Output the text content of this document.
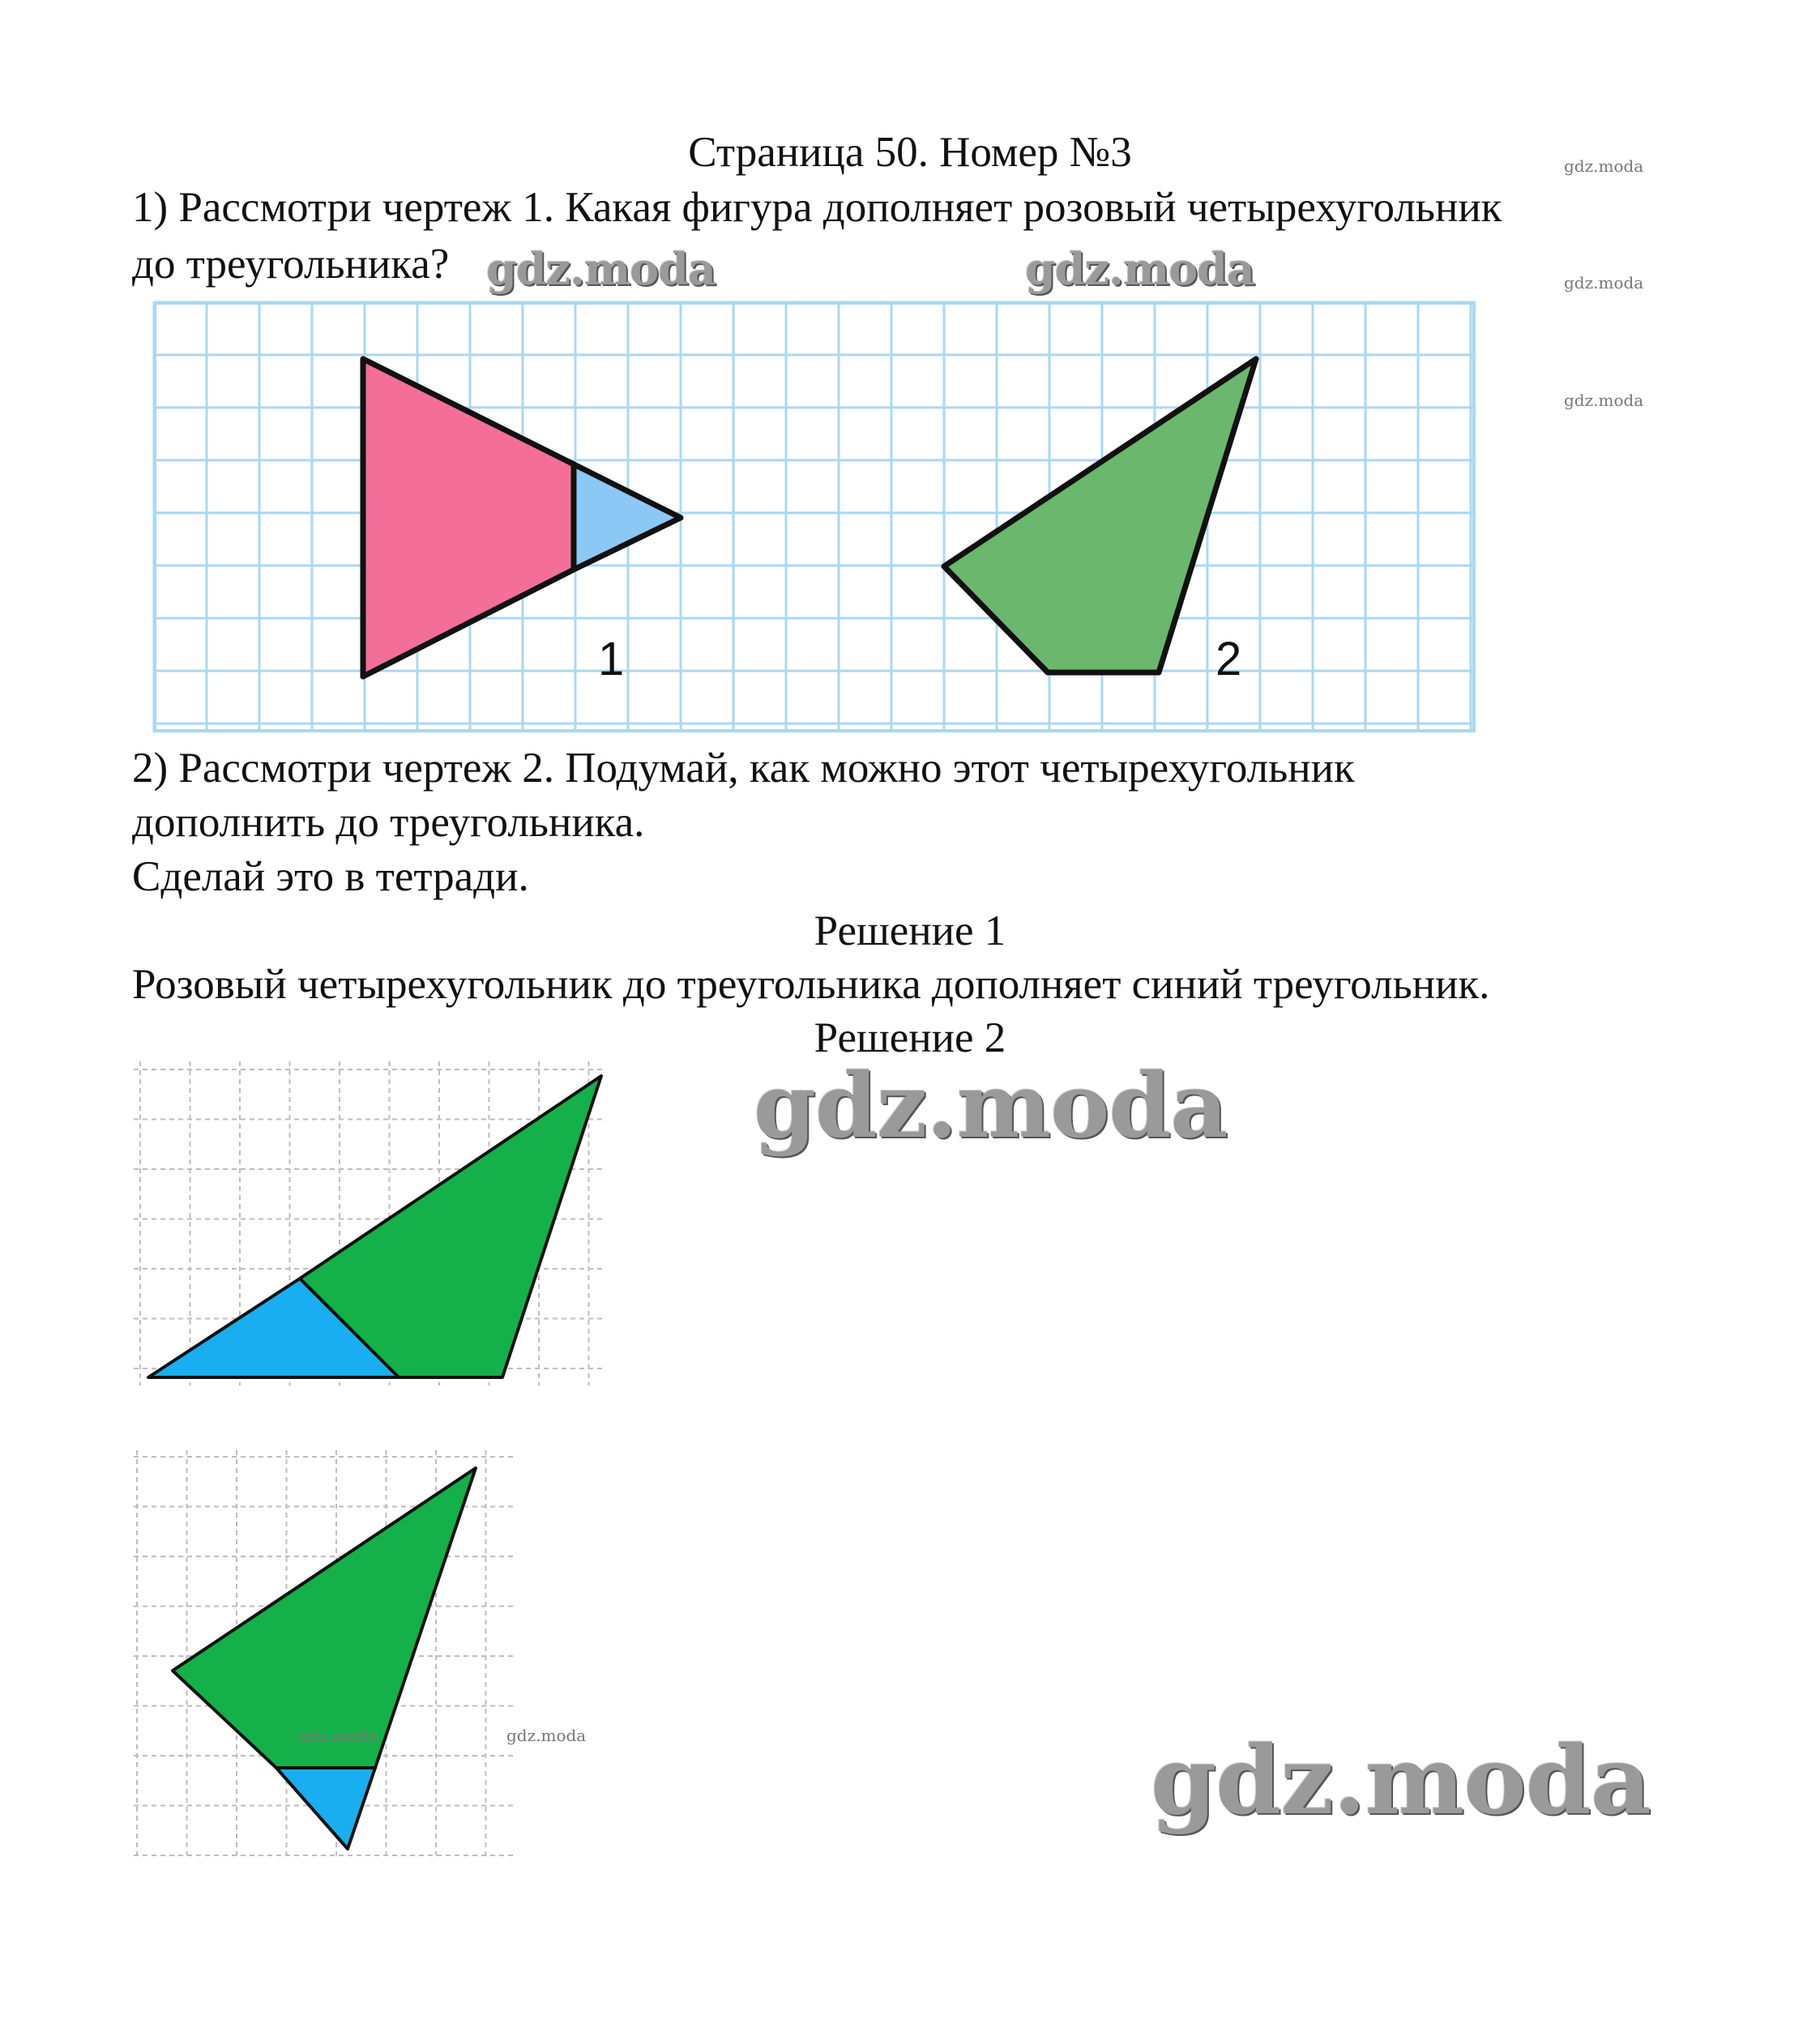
Страница 50. Номер №3
1) Рассмотри чертеж 1. Какая фигура дополняет розовый четырехугольник
до треугольника?
1	2
2) Рассмотри чертеж 2. Подумай, как можно этот четырехугольник
дополнить до треугольника.
Сделай это в тетради.
Решение 1
Розовый четырехугольник до треугольника дополняет синий треугольник.
Решение 2
gdz.moda	gdz.moda
gdz.moda
gdz.moda
gdz.moda
gdz.moda
gdz.moda
gdz.moda	gdz.moda
